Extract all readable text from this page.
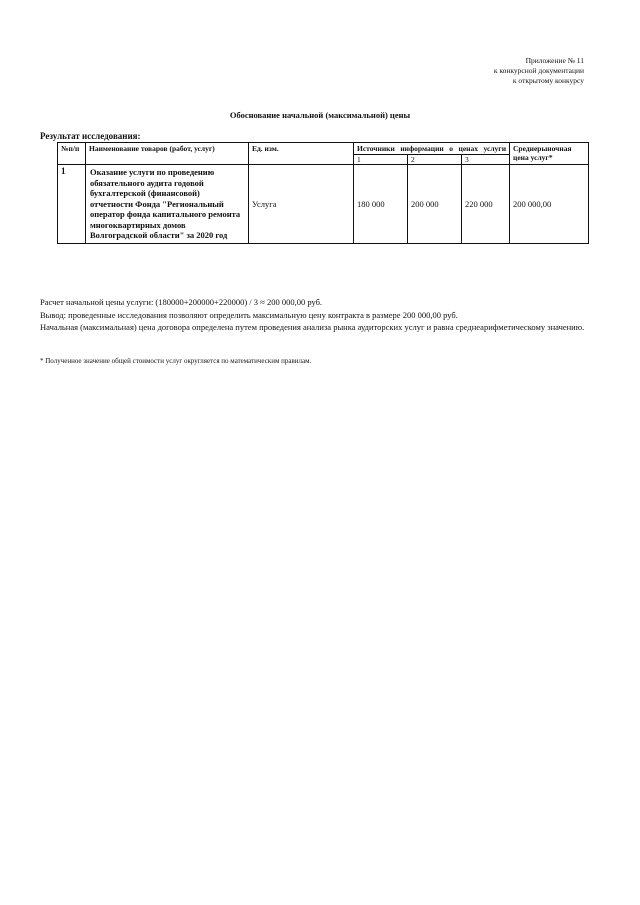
Приложение № 11
к конкурсной документации
к открытому конкурсу
Обоснование начальной (максимальной) цены
Результат исследования:
№п/п	Наименование товаров (работ, услуг)	Ед. изм.	Источники информации о ценах услуги			Среднерыночная цена услуг*
			1	2	3	
1	Оказание услуги по проведению обязательного аудита годовой бухгалтерской (финансовой) отчетности Фонда "Региональный оператор фонда капитального ремонта многоквартирных домов Волгоградской области" за 2020 год	Услуга	180 000	200 000	220 000	200 000,00

Расчет начальной цены услуги: (180000+200000+220000) / 3 ≈ 200 000,00 руб.

Вывод: проведенные исследования позволяют определить максимальную цену контракта в размере 200 000,00 руб.

Начальная (максимальная) цена договора определена путем проведения анализа рынка аудиторских услуг и равна среднеарифметическому значению.

* Полученное значение общей стоимости услуг округляется по математическим правилам.
